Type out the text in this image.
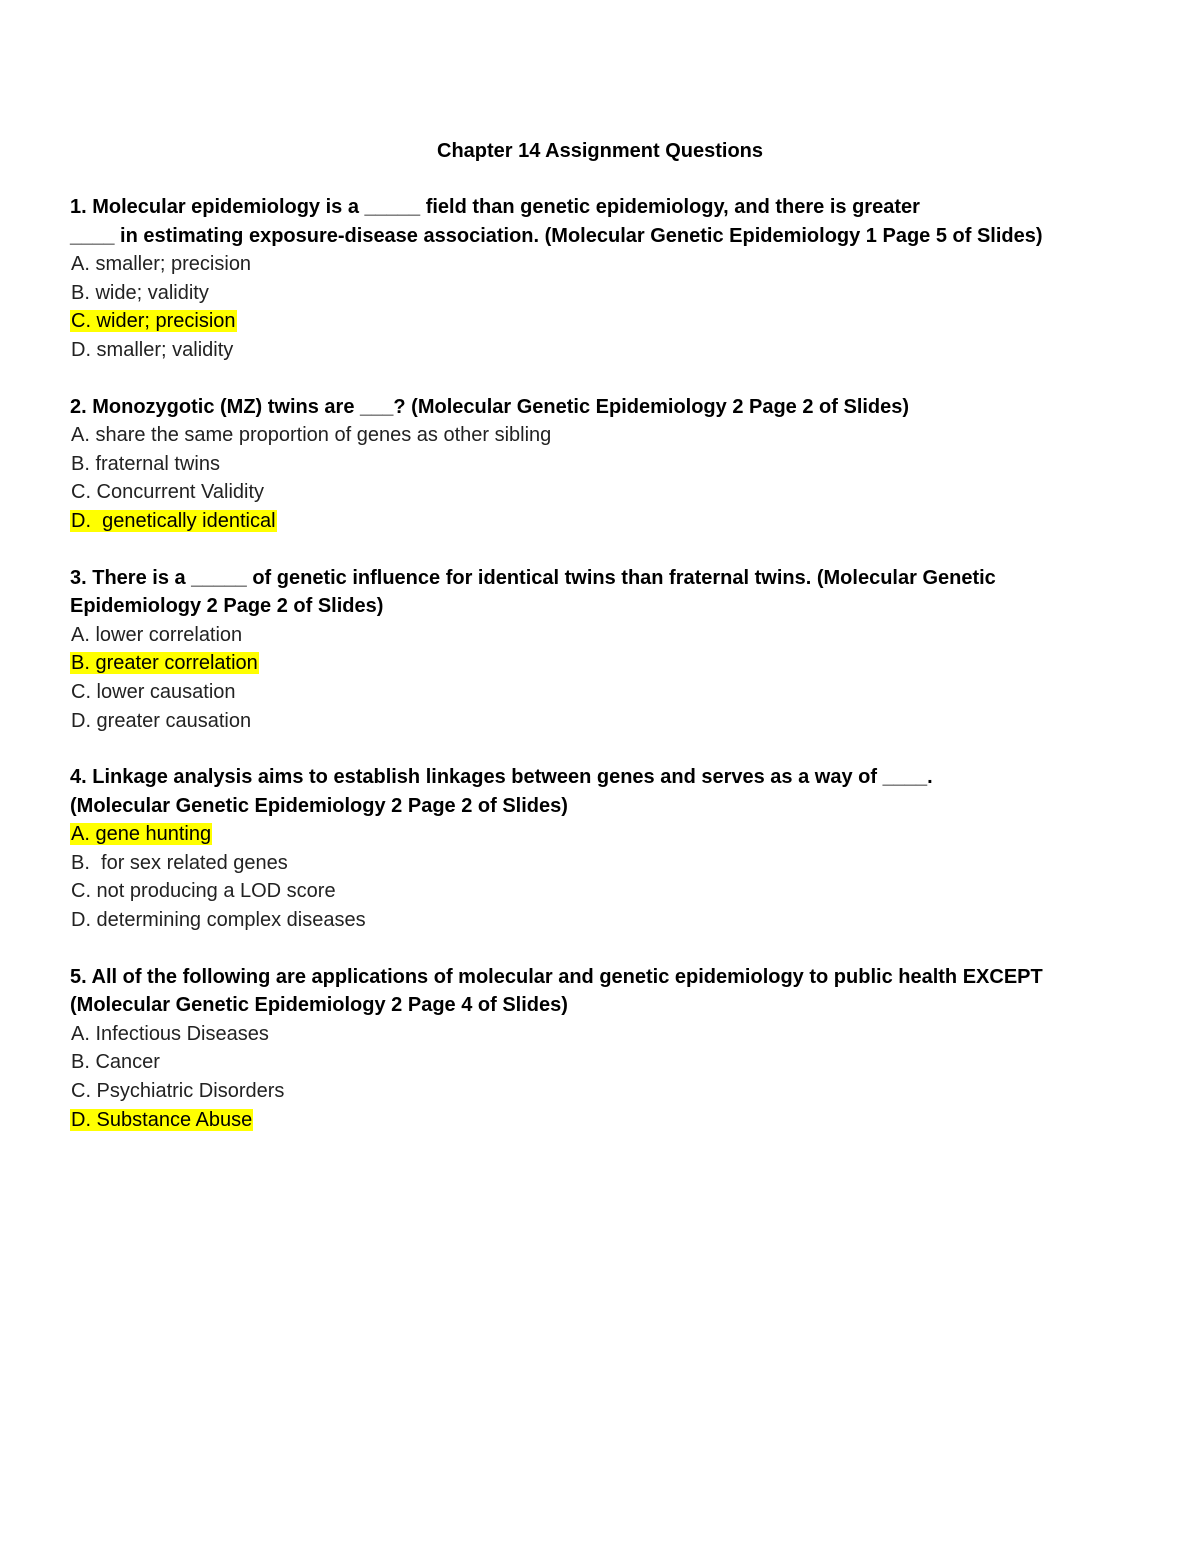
Chapter 14 Assignment Questions

1. Molecular epidemiology is a _____ field than genetic epidemiology, and there is greater
____ in estimating exposure-disease association. (Molecular Genetic Epidemiology 1 Page 5 of Slides)

A. smaller; precision
B. wide; validity
C. wider; precision
D. smaller; validity

2. Monozygotic (MZ) twins are ___? (Molecular Genetic Epidemiology 2 Page 2 of Slides)

A. share the same proportion of genes as other sibling
B. fraternal twins
C. Concurrent Validity
D.  genetically identical

3. There is a _____ of genetic influence for identical twins than fraternal twins. (Molecular Genetic
Epidemiology 2 Page 2 of Slides)

A. lower correlation
B. greater correlation
C. lower causation
D. greater causation

4. Linkage analysis aims to establish linkages between genes and serves as a way of ____.
(Molecular Genetic Epidemiology 2 Page 2 of Slides)

A. gene hunting
B.  for sex related genes
C. not producing a LOD score
D. determining complex diseases

5. All of the following are applications of molecular and genetic epidemiology to public health EXCEPT
(Molecular Genetic Epidemiology 2 Page 4 of Slides)

A. Infectious Diseases
B. Cancer
C. Psychiatric Disorders
D. Substance Abuse
